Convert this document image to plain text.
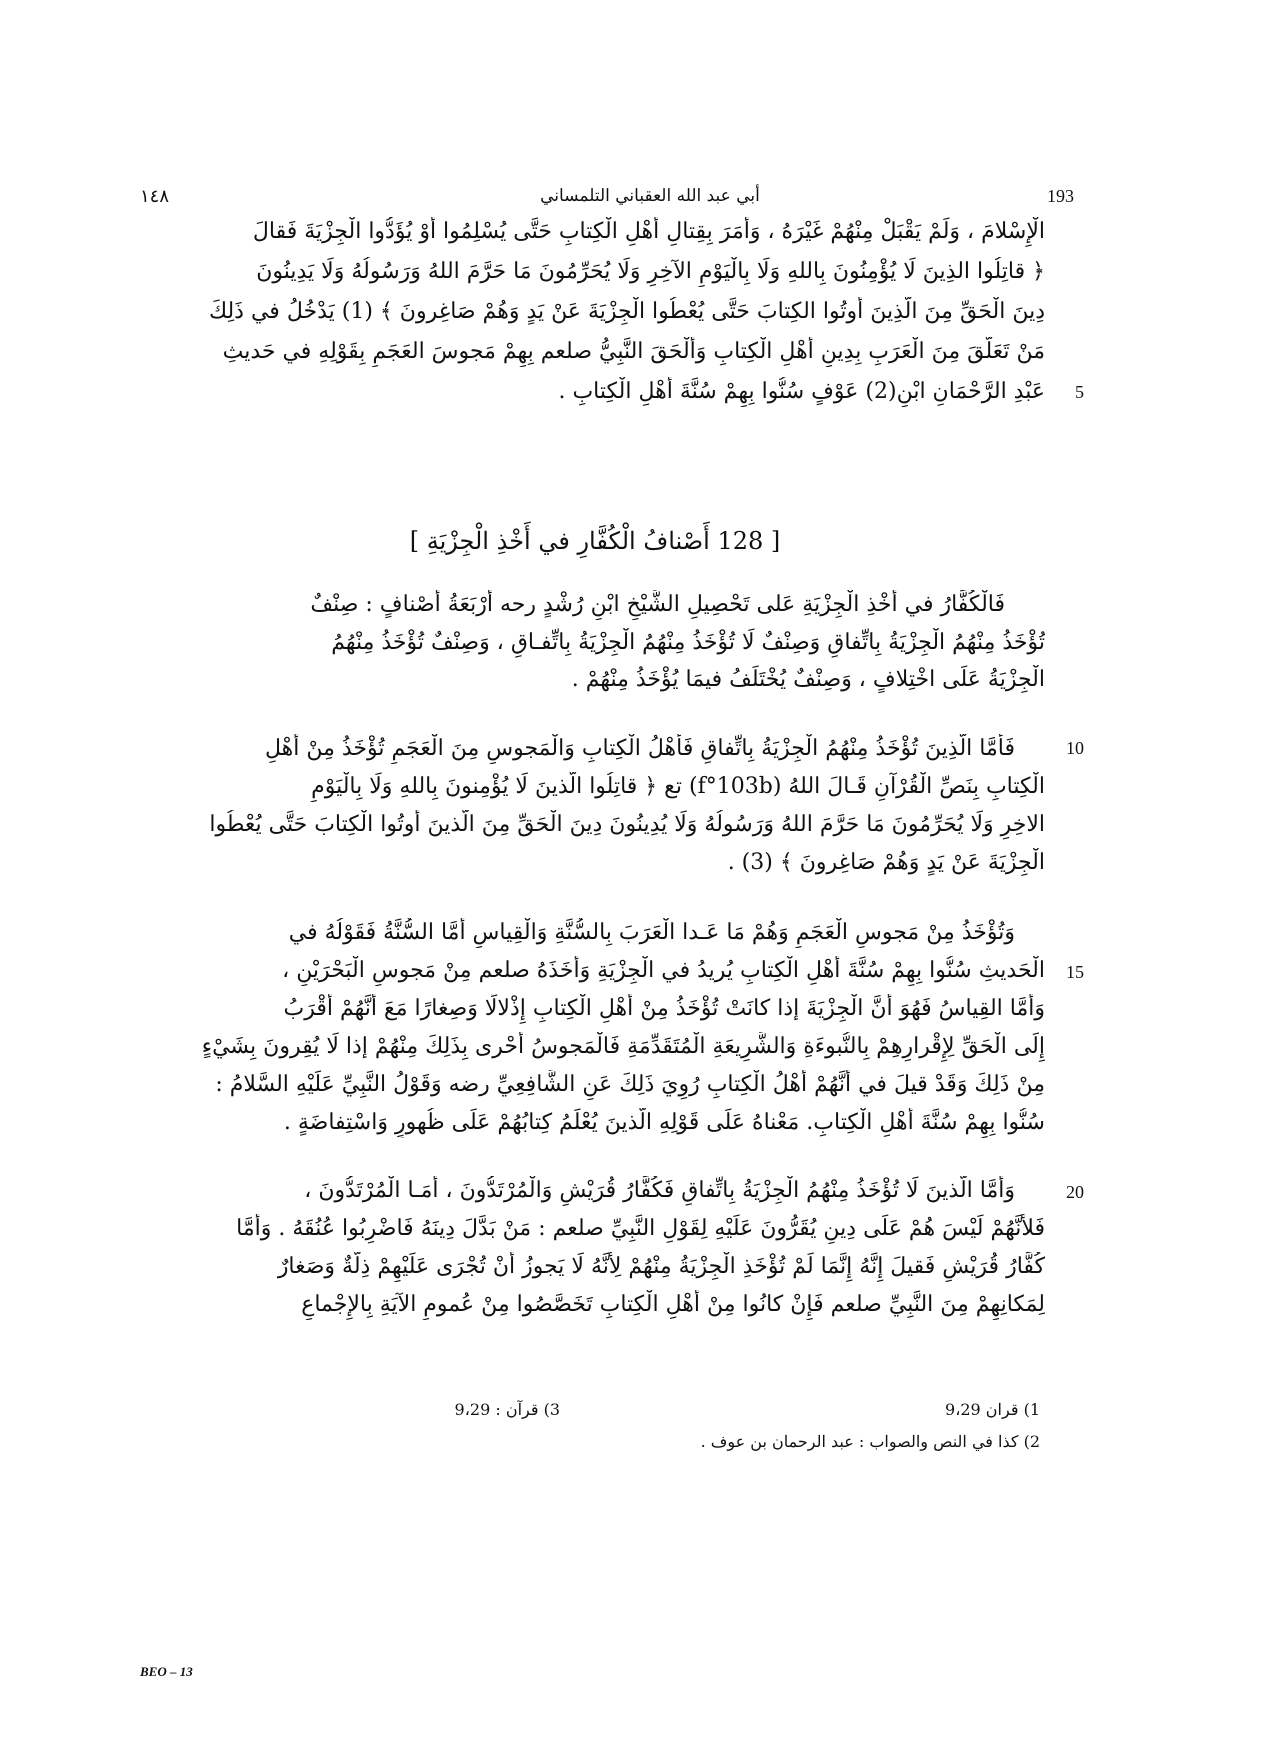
193
أبي عبد الله العقباني التلمساني
١٤٨
الْإِسْلامَ ، وَلَمْ يَقْبَلْ مِنْهُمْ غَيْرَهُ ، وَأَمَرَ بِقِتالِ أَهْلِ الْكِتابِ حَتَّى يُسْلِمُوا أَوْ يُؤَدُّوا الْجِزْيَةَ فَقالَ
﴿ قاتِلُوا الذِينَ لَا يُؤْمِنُونَ بِاللهِ وَلَا بِالْيَوْمِ الآخِرِ وَلَا يُحَرِّمُونَ مَا حَرَّمَ اللهُ وَرَسُولُهُ وَلَا يَدِينُونَ
دِينَ الْحَقِّ مِنَ الَّذِينَ أُوتُوا الكِتابَ حَتَّى يُعْطُوا الْجِزْيَةَ عَنْ يَدٍ وَهُمْ صَاغِرونَ ﴾ (1) يَدْخُلُ في ذَلِكَ
مَنْ تَعَلَّقَ مِنَ الْعَرَبِ بِدِينِ أَهْلِ الْكِتابِ وَأَلْحَقَ النَّبِيُّ صلعم بِهِمْ مَجوسَ العَجَمِ بِقَوْلِهِ في حَديثِ
عَبْدِ الرَّحْمَانِ ابْنِ(2) عَوْفٍ سُنُّوا بِهِمْ سُنَّةَ أَهْلِ الْكِتابِ . 5
[ 128 أَصْنافُ الْكُفَّارِ في أَخْذِ الْجِزْيَةِ ]
فَالْكُفَّارُ في أَخْذِ الْجِزْيَةِ عَلى تَحْصِيلِ الشَّيْخِ ابْنِ رُشْدٍ رحه أَرْبَعَةُ أَصْنافٍ : صِنْفٌ
تُؤْخَذُ مِنْهُمُ الْجِزْيَةُ بِاتِّفاقٍ وَصِنْفٌ لَا تُؤْخَذُ مِنْهُمُ الْجِزْيَةُ بِاتِّفـاقٍ ، وَصِنْفٌ تُؤْخَذُ مِنْهُمُ
الْجِزْيَةُ عَلَى اخْتِلافٍ ، وَصِنْفٌ يُخْتَلَفُ فيمَا يُؤْخَذُ مِنْهُمْ .
فَأَمَّا الَّذِينَ تُؤْخَذُ مِنْهُمُ الْجِزْيَةُ بِاتِّفاقٍ فَأَهْلُ الْكِتابِ وَالْمَجوسِ مِنَ الْعَجَمِ تُؤْخَذُ مِنْ أَهْلِ	10
الْكِتابِ بِنَصِّ الْقُرْآنِ قَـالَ اللهُ (f°103b) تع ﴿ قاتِلُوا الَّذينَ لَا يُؤْمِنونَ بِاللهِ وَلَا بِالْيَوْمِ
الاخِرِ وَلَا يُحَرِّمُونَ مَا حَرَّمَ اللهُ وَرَسُولُهُ وَلَا يُدِينُونَ دِينَ الْحَقِّ مِنَ الَّذينَ أُوتُوا الْكِتابَ حَتَّى يُعْطُوا
الْجِزْيَةَ عَنْ يَدٍ وَهُمْ صَاغِرونَ ﴾ (3) .
وَتُؤْخَذُ مِنْ مَجوسِ الْعَجَمِ وَهُمْ مَا عَـدا الْعَرَبَ بِالسُّنَّةِ وَالْقِياسِ أَمَّا السُّنَّةُ فَقَوْلُهُ في
الْحَديثِ سُنُّوا بِهِمْ سُنَّةَ أَهْلِ الْكِتابِ يُريدُ في الْجِزْيَةِ وَأَخَذَهُ صلعم مِنْ مَجوسِ الْبَحْرَيْنِ ، 15
وَأَمَّا القِياسُ فَهُوَ أَنَّ الْجِزْيَةَ إذا كانَتْ تُؤْخَذُ مِنْ أَهْلِ الْكِتابِ إِذْلالًا وَصِغارًا مَعَ أَنَّهُمْ أَقْرَبُ
إِلَى الْحَقِّ لِإِقْرارِهِمْ بِالنُّبوءَةِ وَالشَّرِيعَةِ الْمُتَقَدِّمَةِ فَالْمَجوسُ أَحْرى بِذَلِكَ مِنْهُمْ إذا لَا يُقِرونَ بِشَيْءٍ
مِنْ ذَلِكَ وَقَدْ قيلَ في أَنَّهُمْ أَهْلُ الْكِتابِ رُوِيَ ذَلِكَ عَنِ الشَّافِعِيِّ رضه وَقَوْلُ النَّبِيِّ عَلَيْهِ السَّلامُ :
سُنُّوا بِهِمْ سُنَّةَ أَهْلِ الْكِتابِ. مَعْناهُ عَلَى قَوْلِهِ الَّذينَ يُعْلَمُ كِتابُهُمْ عَلَى ظُهورٍ وَاسْتِفاضَةٍ .
وَأَمَّا الَّذينَ لَا تُؤْخَذُ مِنْهُمُ الْجِزْيَةُ بِاتِّفاقٍ فَكُفَّارُ قُرَيْشٍ وَالْمُرْتَدُّونَ ، أَمَـا الْمُرْتَدُّونَ ،	20
فَلأَنَّهُمْ لَيْسَ هُمْ عَلَى دِينٍ يُقَرُّونَ عَلَيْهِ لِقَوْلِ النَّبِيِّ صلعم : مَنْ بَدَّلَ دِينَهُ فَاضْرِبُوا عُنُقَهُ . وَأَمَّا
كُفَّارُ قُرَيْشٍ فَقيلَ إِنَّهُ إِنَّمَا لَمْ تُؤْخَذِ الْجِزْيَةُ مِنْهُمْ لِأَنَّهُ لَا يَجوزُ أَنْ تُجْرَى عَلَيْهِمْ ذِلَّةٌ وَصَغارٌ
لِمَكانِهِمْ مِنَ النَّبِيِّ صلعم فَإِنْ كانُوا مِنْ أَهْلِ الْكِتابِ تَخَصَّصُوا مِنْ عُمومِ الآيَةِ بِالإِجْماعِ
1) قران 9،29
3) قرآن : 9،29
2) كذا في النص والصواب : عبد الرحمان بن عوف .
BEO – 13
